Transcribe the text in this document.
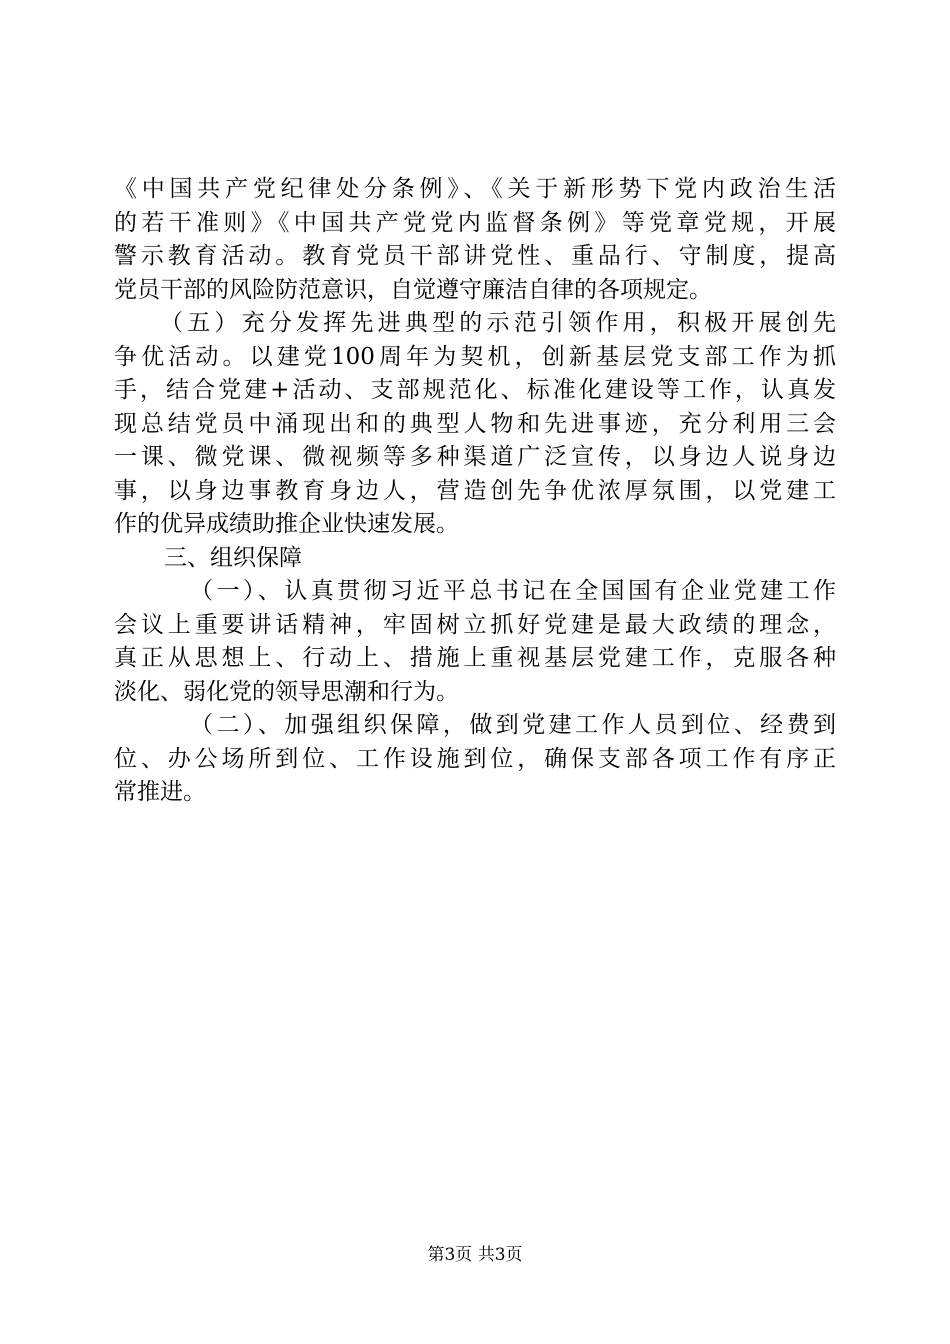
《中国共产党纪律处分条例》、《关于新形势下党内政治生活
的若干准则》《中国共产党党内监督条例》等党章党规，开展
警示教育活动。教育党员干部讲党性、重品行、守制度，提高
党员干部的风险防范意识，自觉遵守廉洁自律的各项规定。
（五）充分发挥先进典型的示范引领作用，积极开展创先
争优活动。以建党100周年为契机，创新基层党支部工作为抓
手，结合党建+活动、支部规范化、标准化建设等工作，认真发
现总结党员中涌现出和的典型人物和先进事迹，充分利用三会
一课、微党课、微视频等多种渠道广泛宣传，以身边人说身边
事，以身边事教育身边人，营造创先争优浓厚氛围，以党建工
作的优异成绩助推企业快速发展。
三、组织保障
（一）、认真贯彻习近平总书记在全国国有企业党建工作
会议上重要讲话精神，牢固树立抓好党建是最大政绩的理念，
真正从思想上、行动上、措施上重视基层党建工作，克服各种
淡化、弱化党的领导思潮和行为。
（二）、加强组织保障，做到党建工作人员到位、经费到
位、办公场所到位、工作设施到位，确保支部各项工作有序正
常推进。
第3页 共3页
